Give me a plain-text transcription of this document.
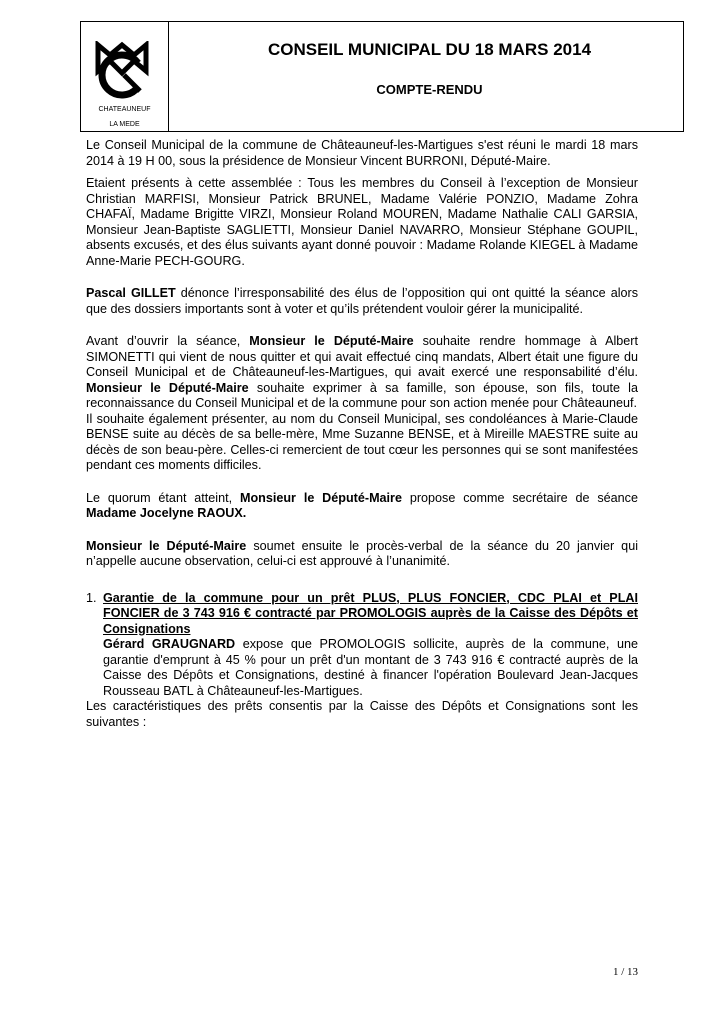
CHATEAUNEUF
LA MEDE
CONSEIL MUNICIPAL DU 18 MARS 2014
COMPTE-RENDU

Le Conseil Municipal de la commune de Châteauneuf-les-Martigues s'est réuni le mardi 18 mars 2014 à 19 H 00, sous la présidence de Monsieur Vincent BURRONI, Député-Maire.

Etaient présents à cette assemblée : Tous les membres du Conseil à l’exception de Monsieur Christian MARFISI, Monsieur Patrick BRUNEL, Madame Valérie PONZIO, Madame Zohra CHAFAÏ, Madame Brigitte VIRZI, Monsieur Roland MOUREN, Madame Nathalie CALI GARSIA, Monsieur Jean-Baptiste SAGLIETTI, Monsieur Daniel NAVARRO, Monsieur Stéphane GOUPIL, absents excusés, et des élus suivants ayant donné pouvoir : Madame Rolande KIEGEL à Madame Anne-Marie PECH-GOURG.

Pascal GILLET dénonce l’irresponsabilité des élus de l’opposition qui ont quitté la séance alors que des dossiers importants sont à voter et qu’ils prétendent vouloir gérer la municipalité.

Avant d’ouvrir la séance, Monsieur le Député-Maire souhaite rendre hommage à Albert SIMONETTI qui vient de nous quitter et qui avait effectué cinq mandats, Albert était une figure du Conseil Municipal et de Châteauneuf-les-Martigues, qui avait exercé une responsabilité d’élu. Monsieur le Député-Maire souhaite exprimer à sa famille, son épouse, son fils, toute la reconnaissance du Conseil Municipal et de la commune pour son action menée pour Châteauneuf.

Il souhaite également présenter, au nom du Conseil Municipal, ses condoléances à Marie-Claude BENSE suite au décès de sa belle-mère, Mme Suzanne BENSE, et à Mireille MAESTRE suite au décès de son beau-père. Celles-ci remercient de tout cœur les personnes qui se sont manifestées pendant ces moments difficiles.

Le quorum étant atteint, Monsieur le Député-Maire propose comme secrétaire de séance Madame Jocelyne RAOUX.

Monsieur le Député-Maire soumet ensuite le procès-verbal de la séance du 20 janvier qui n’appelle aucune observation, celui-ci est approuvé à l’unanimité.

1. Garantie de la commune pour un prêt PLUS, PLUS FONCIER, CDC PLAI et PLAI FONCIER de 3 743 916 € contracté par PROMOLOGIS auprès de la Caisse des Dépôts et Consignations
Gérard GRAUGNARD expose que PROMOLOGIS sollicite, auprès de la commune, une garantie d'emprunt à 45 % pour un prêt d'un montant de 3 743 916 € contracté auprès de la Caisse des Dépôts et Consignations, destiné à financer l'opération Boulevard Jean-Jacques Rousseau BATL à Châteauneuf-les-Martigues.

Les caractéristiques des prêts consentis par la Caisse des Dépôts et Consignations sont les suivantes :

1 / 13
